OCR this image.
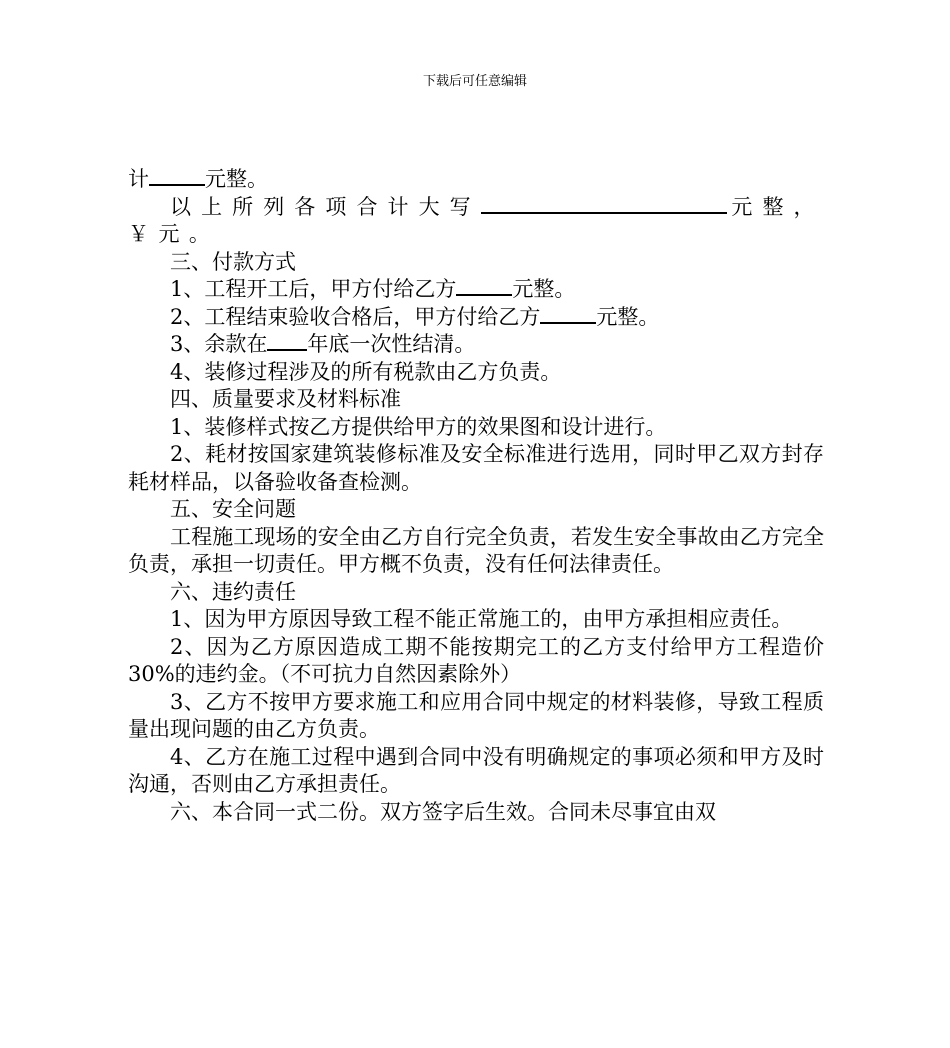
下载后可任意编辑

计	元整。

以上所列各项合计大写	元整，￥元。

三、付款方式

1、工程开工后，甲方付给乙方	元整。

2、工程结束验收合格后，甲方付给乙方	元整。

3、余款在 年底一次性结清。

4、装修过程涉及的所有税款由乙方负责。

四、质量要求及材料标准

1、装修样式按乙方提供给甲方的效果图和设计进行。

2、耗材按国家建筑装修标准及安全标准进行选用，同时甲乙双方封存耗材样品，以备验收备查检测。

五、安全问题

工程施工现场的安全由乙方自行完全负责，若发生安全事故由乙方完全负责，承担一切责任。甲方概不负责，没有任何法律责任。

六、违约责任

1、因为甲方原因导致工程不能正常施工的，由甲方承担相应责任。

2、因为乙方原因造成工期不能按期完工的乙方支付给甲方工程造价 30%的违约金。（不可抗力自然因素除外）

3、乙方不按甲方要求施工和应用合同中规定的材料装修，导致工程质量出现问题的由乙方负责。

4、乙方在施工过程中遇到合同中没有明确规定的事项必须和甲方及时沟通，否则由乙方承担责任。

六、本合同一式二份。双方签字后生效。合同未尽事宜由双
